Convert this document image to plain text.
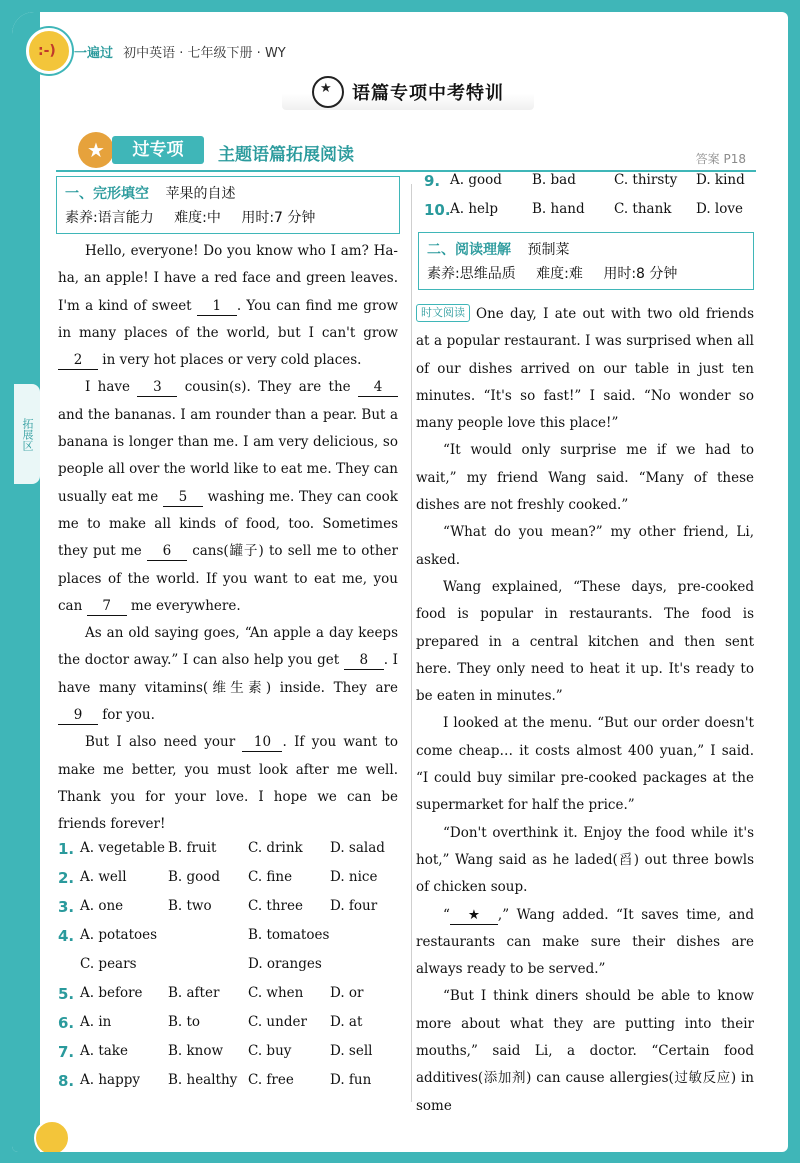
拓展区
:-) 一遍过 初中英语 · 七年级下册 · WY
★
语篇专项中考特训
★	过专项	主题语篇拓展阅读	答案 P18
一、完形填空 苹果的自述
素养:语言能力 难度:中 用时:7 分钟

Hello, everyone! Do you know who I am? Ha-ha, an apple! I have a red face and green leaves. I'm a kind of sweet 1 . You can find me grow in many places of the world, but I can't grow 2 in very hot places or very cold places.

I have 3 cousin(s). They are the 4 and the bananas. I am rounder than a pear. But a banana is longer than me. I am very delicious, so people all over the world like to eat me. They can usually eat me 5 washing me. They can cook me to make all kinds of food, too. Sometimes they put me 6 cans(罐子) to sell me to other places of the world. If you want to eat me, you can 7 me everywhere.

As an old saying goes, “An apple a day keeps the doctor away.” I can also help you get 8 . I have many vitamins(维生素) inside. They are 9 for you.

But I also need your 10 . If you want to make me better, you must look after me well. Thank you for your love. I hope we can be friends forever!

1. A. vegetable B. fruit C. drink D. salad
2. A. well	B. good C. fine	D. nice
3. A. one	B. two	C. three D. four
4. A. potatoes	B. tomatoes
C. pears	D. oranges
5. A. before B. after C. when D. or
6. A. in	B. to	C. under D. at
7. A. take	B. know C. buy	D. sell
8. A. happy B. healthy C. free	D. fun
9. A. good B. bad	C. thirsty D. kind
10. A. help	B. hand C. thank D. love
二、阅读理解 预制菜
素养:思维品质 难度:难 用时:8 分钟

时文阅读 One day, I ate out with two old friends at a popular restaurant. I was surprised when all of our dishes arrived on our table in just ten minutes. “It's so fast!” I said. “No wonder so many people love this place!”

“It would only surprise me if we had to wait,” my friend Wang said. “Many of these dishes are not freshly cooked.”

“What do you mean?” my other friend, Li, asked.

Wang explained, “These days, pre-cooked food is popular in restaurants. The food is prepared in a central kitchen and then sent here. They only need to heat it up. It's ready to be eaten in minutes.”

I looked at the menu. “But our order doesn't come cheap… it costs almost 400 yuan,” I said. “I could buy similar pre-cooked packages at the supermarket for half the price.”

“Don't overthink it. Enjoy the food while it's hot,” Wang said as he laded(舀) out three bowls of chicken soup.

“ ★ ,” Wang added. “It saves time, and restaurants can make sure their dishes are always ready to be served.”

“But I think diners should be able to know more about what they are putting into their mouths,” said Li, a doctor. “Certain food additives(添加剂) can cause allergies(过敏反应) in some

39 上课认真听 下课练天天
